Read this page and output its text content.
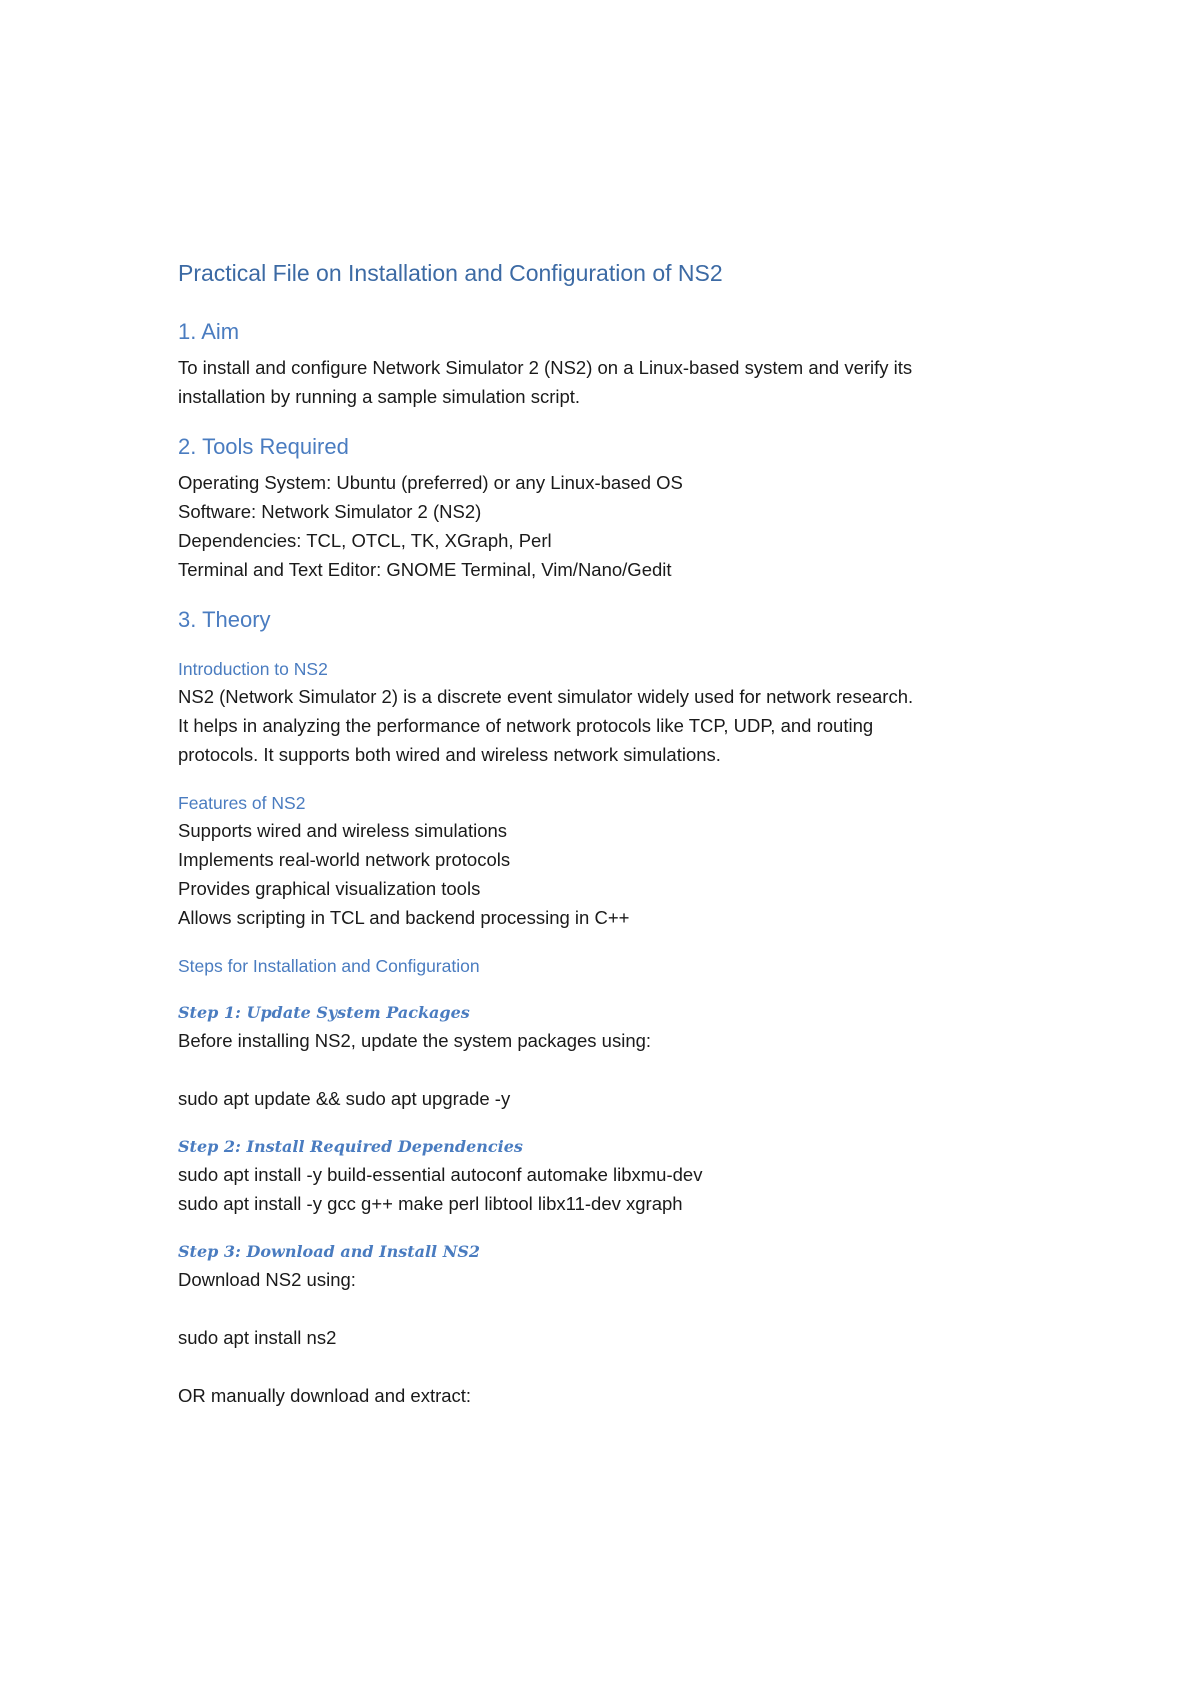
Practical File on Installation and Configuration of NS2
1. Aim
To install and configure Network Simulator 2 (NS2) on a Linux-based system and verify its
installation by running a sample simulation script.
2. Tools Required
Operating System: Ubuntu (preferred) or any Linux-based OS
Software: Network Simulator 2 (NS2)
Dependencies: TCL, OTCL, TK, XGraph, Perl
Terminal and Text Editor: GNOME Terminal, Vim/Nano/Gedit
3. Theory
Introduction to NS2
NS2 (Network Simulator 2) is a discrete event simulator widely used for network research.
It helps in analyzing the performance of network protocols like TCP, UDP, and routing
protocols. It supports both wired and wireless network simulations.
Features of NS2
Supports wired and wireless simulations
Implements real-world network protocols
Provides graphical visualization tools
Allows scripting in TCL and backend processing in C++
Steps for Installation and Configuration
Step 1: Update System Packages
Before installing NS2, update the system packages using:
sudo apt update && sudo apt upgrade -y
Step 2: Install Required Dependencies
sudo apt install -y build-essential autoconf automake libxmu-dev
sudo apt install -y gcc g++ make perl libtool libx11-dev xgraph
Step 3: Download and Install NS2
Download NS2 using:
sudo apt install ns2
OR manually download and extract:
